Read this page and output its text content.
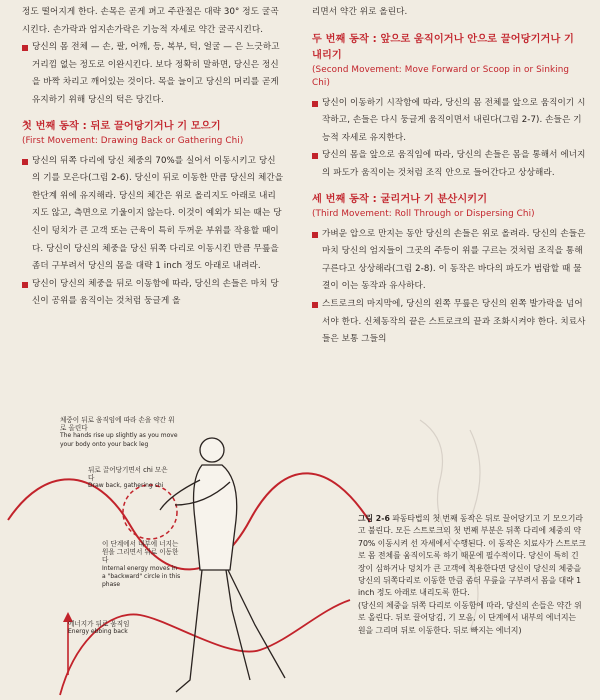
정도 떨어지게 한다. 손목은 곧게 펴고 주관절은 대략 30° 정도 굴곡시킨다. 손가락과 엄지손가락은 기능적 자세로 약간 굴곡시킨다.

당신의 몸 전체 — 손, 팔, 어깨, 등, 복부, 턱, 얼굴 — 은 느긋하고 거리낌 없는 정도로 이완시킨다. 보다 정확히 말하면, 당신은 정신을 바짝 차리고 깨어있는 것이다. 목을 늘이고 당신의 머리를 곧게 유지하기 위해 당신의 턱은 당긴다.

첫 번째 동작 : 뒤로 끌어당기거나 기 모으기
(First Movement: Drawing Back or Gathering Chi)

당신의 뒤쪽 다리에 당신 체중의 70%를 실어서 이동시키고 당신의 기를 모은다(그림 2-6). 당신이 뒤로 이동한 만큼 당신의 체간을 한단계 위에 유지해라. 당신의 체간은 위로 올리지도 아래로 내리지도 않고, 측면으로 기울이지 않는다. 이것이 예외가 되는 때는 당신이 덩치가 큰 고객 또는 근육이 특히 두꺼운 부위를 작용할 때이다. 당신이 당신의 체중을 당신 뒤쪽 다리로 이동시킨 만큼 무릎을 좀더 구부려서 당신의 몸을 대략 1 inch 정도 아래로 내려라.

당신이 당신의 체중을 뒤로 이동함에 따라, 당신의 손들은 마치 당신이 공위를 움직이는 것처럼 둥글게 올

리면서 약간 위로 올린다.

두 번째 동작 : 앞으로 움직이거나 안으로 끌어당기거나 기 내리기
(Second Movement: Move Forward or Scoop in or Sinking Chi)

당신이 이동하기 시작함에 따라, 당신의 몸 전체를 앞으로 움직이기 시작하고, 손들은 다시 둥글게 움직이면서 내린다(그림 2-7). 손들은 기능적 자세로 유지한다.

당신의 몸을 앞으로 움직임에 따라, 당신의 손들은 몸을 통해서 에너지의 파도가 움직이는 것처럼 조직 안으로 들어간다고 상상해라.

세 번째 동작 : 굴리거나 기 분산시키기
(Third Movement: Roll Through or Dispersing Chi)

가벼운 압으로 만지는 동안 당신의 손들은 위로 올려라. 당신의 손들은 마치 당신의 엄지들이 그곳의 주등이 위를 구르는 것처럼 조직을 통해 구른다고 상상해라(그림 2-8). 이 동작은 바다의 파도가 범람할 때 물결이 이는 동작과 유사하다.

스트로크의 마지막에, 당신의 왼쪽 무릎은 당신의 왼쪽 발가락을 넘어서야 한다. 신체동작의 끝은 스트로크의 끝과 조화시켜야 한다. 치료사들은 보통 그들의

체중이 뒤로 움직임에 따라 손을 약간 위로 올린다
The hands rise up slightly as you move your body onto your back leg
뒤로 끌어당기면서 chi 모은다
Draw back, gathering chi
이 단계에서 내부에 너지는 원을 그리면서 뒤로 이동한다
Internal energy moves in a "backward" circle in this phase
에너지가 뒤로 움직임
Energy ebbing back
그림 2-6 파동타법의 첫 번째 동작은 뒤로 끌어당기고 기 모으기라고 불린다. 모든 스트로크의 첫 번째 부분은 뒤쪽 다리에 체중의 약 70% 이동시켜 선 자세에서 수행된다. 이 동작은 치료사가 스트로크로 몸 전체를 움직이도록 하기 때문에 필수적이다. 당신이 특히 긴장이 심하거나 덩치가 큰 고객에 적용한다면 당신이 당신의 체중을 당신의 뒤쪽다리로 이동한 만큼 좀더 무릎을 구부려서 몸을 대략 1 inch 정도 아래로 내리도록 한다.
(당신의 체중을 뒤쪽 다리로 이동함에 따라, 당신의 손들은 약간 위로 올린다. 뒤로 끌어당김, 기 모음, 이 단계에서 내부의 에너지는 원을 그리며 뒤로 이동한다. 뒤로 빠지는 에너지)
